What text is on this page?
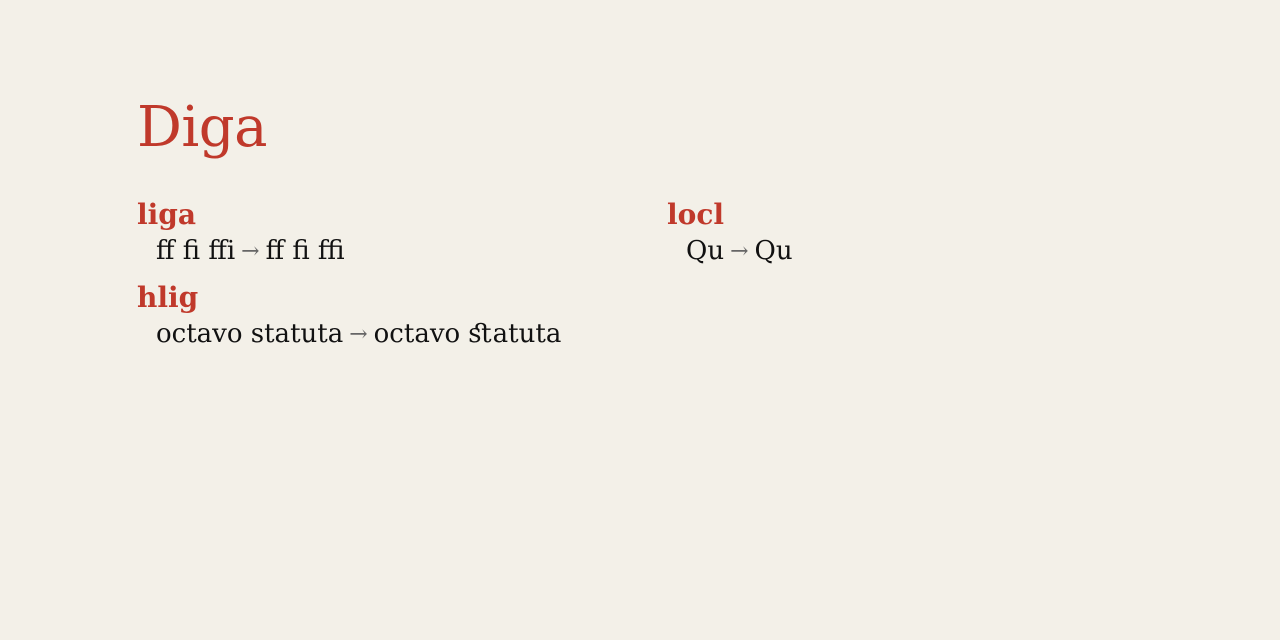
Diga
liga
ff fi ffi → ﬀ ﬁ ﬃ
locl
Qu → Qu
hlig
octavo statuta → octavo statuta
